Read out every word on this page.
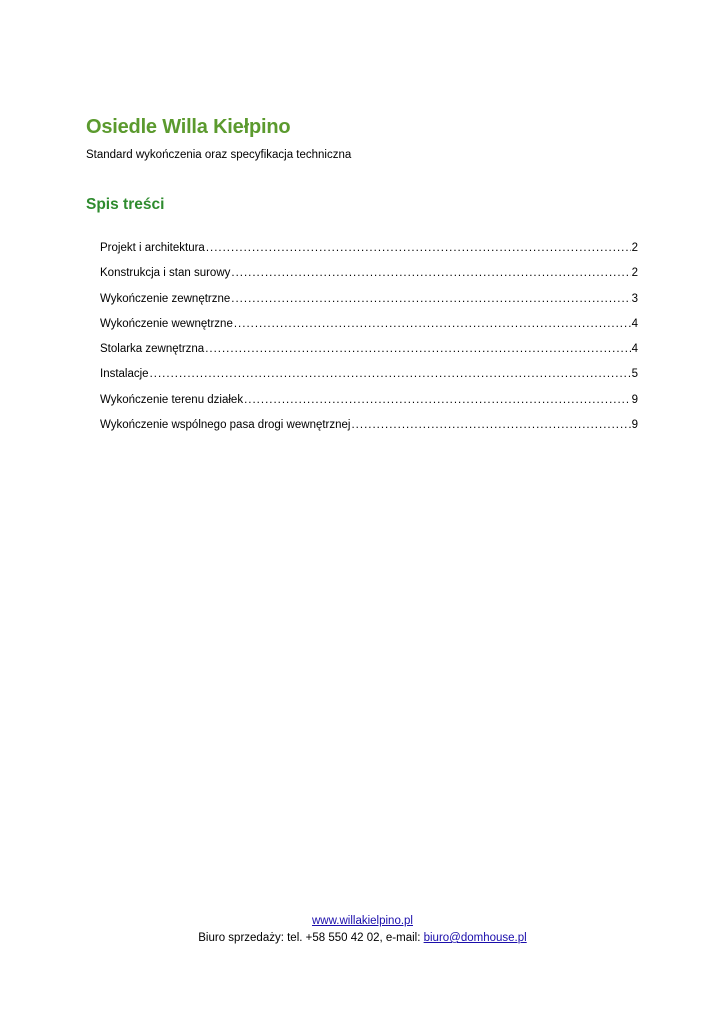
Osiedle Willa Kiełpino
Standard wykończenia oraz specyfikacja techniczna
Spis treści
Projekt i architektura .....	2
Konstrukcja i stan surowy .....	2
Wykończenie zewnętrzne .....	3
Wykończenie wewnętrzne .....	4
Stolarka zewnętrzna .....	4
Instalacje .....	5
Wykończenie terenu działek .....	9
Wykończenie wspólnego pasa drogi wewnętrznej .....	9
www.willakielpino.pl
Biuro sprzedaży: tel. +58 550 42 02, e-mail: biuro@domhouse.pl
